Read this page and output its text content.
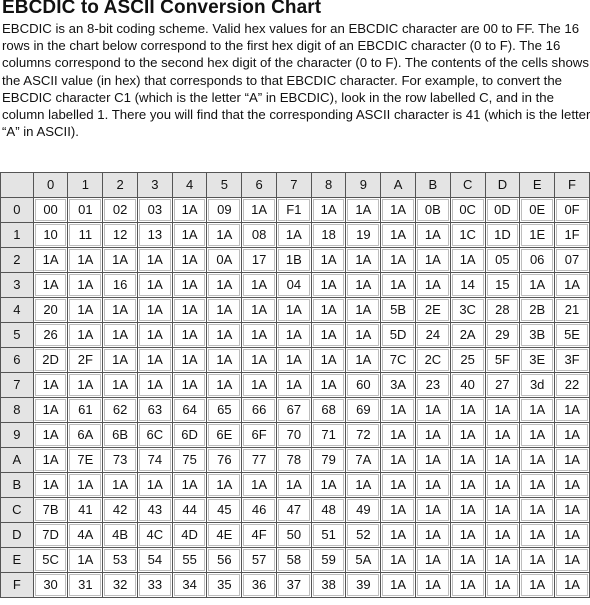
EBCDIC to ASCII Conversion Chart

EBCDIC is an 8-bit coding scheme. Valid hex values for an EBCDIC character are 00 to FF. The 16 rows in the chart below correspond to the first hex digit of an EBCDIC character (0 to F). The 16 columns correspond to the second hex digit of the character (0 to F). The contents of the cells shows the ASCII value (in hex) that corresponds to that EBCDIC character. For example, to convert the EBCDIC character C1 (which is the letter “A” in EBCDIC), look in the row labelled C, and in the column labelled 1. There you will find that the corresponding ASCII character is 41 (which is the letter “A” in ASCII).

	0	1	2	3	4	5	6	7	8	9	A	B	C	D	E	F

0	00	01	02	03	1A	09	1A	F1	1A	1A	1A	0B	0C	0D	0E	0F

1	10	11	12	13	1A	1A	08	1A	18	19	1A	1A	1C	1D	1E	1F

2	1A	1A	1A	1A	1A	0A	17	1B	1A	1A	1A	1A	1A	05	06	07

3	1A	1A	16	1A	1A	1A	1A	04	1A	1A	1A	1A	14	15	1A	1A

4	20	1A	1A	1A	1A	1A	1A	1A	1A	1A	5B	2E	3C	28	2B	21

5	26	1A	1A	1A	1A	1A	1A	1A	1A	1A	5D	24	2A	29	3B	5E

6	2D	2F	1A	1A	1A	1A	1A	1A	1A	1A	7C	2C	25	5F	3E	3F

7	1A	1A	1A	1A	1A	1A	1A	1A	1A	60	3A	23	40	27	3d	22

8	1A	61	62	63	64	65	66	67	68	69	1A	1A	1A	1A	1A	1A

9	1A	6A	6B	6C	6D	6E	6F	70	71	72	1A	1A	1A	1A	1A	1A

A	1A	7E	73	74	75	76	77	78	79	7A	1A	1A	1A	1A	1A	1A

B	1A	1A	1A	1A	1A	1A	1A	1A	1A	1A	1A	1A	1A	1A	1A	1A

C	7B	41	42	43	44	45	46	47	48	49	1A	1A	1A	1A	1A	1A

D	7D	4A	4B	4C	4D	4E	4F	50	51	52	1A	1A	1A	1A	1A	1A

E	5C	1A	53	54	55	56	57	58	59	5A	1A	1A	1A	1A	1A	1A

F	30	31	32	33	34	35	36	37	38	39	1A	1A	1A	1A	1A	1A
